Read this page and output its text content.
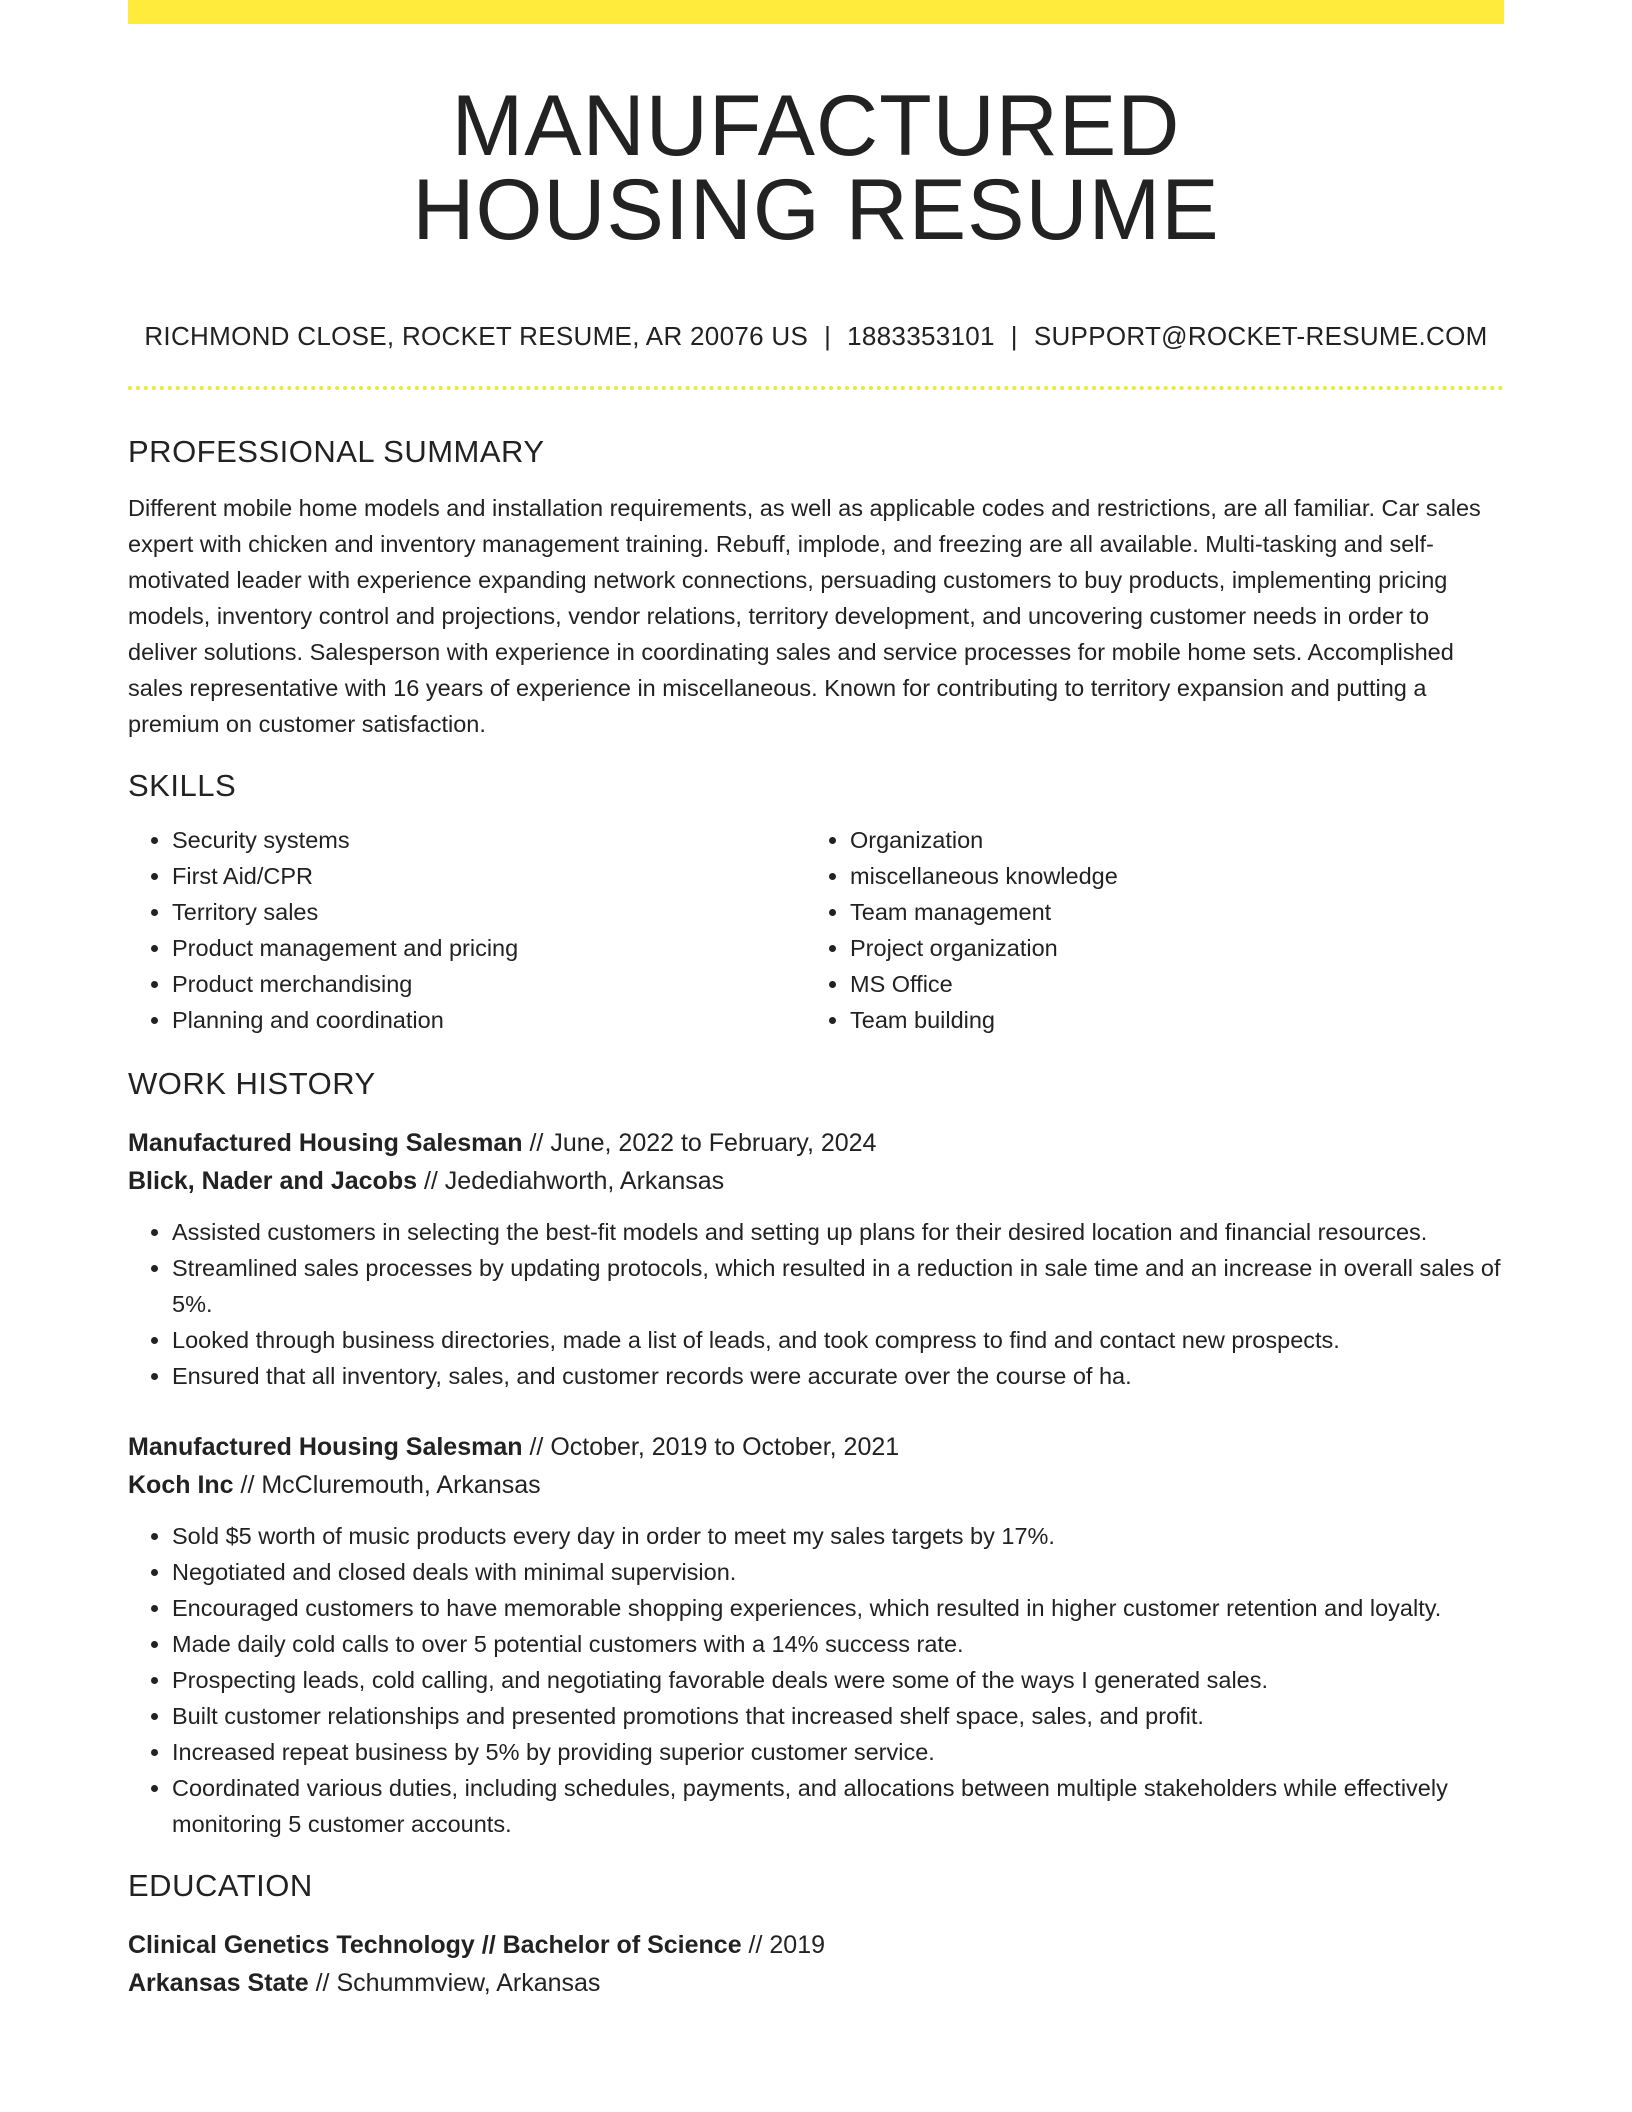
MANUFACTURED
HOUSING RESUME
RICHMOND CLOSE, ROCKET RESUME, AR 20076 US | 1883353101 | SUPPORT@ROCKET-RESUME.COM
PROFESSIONAL SUMMARY

Different mobile home models and installation requirements, as well as applicable codes and restrictions, are all familiar. Car sales expert with chicken and inventory management training. Rebuff, implode, and freezing are all available. Multi-tasking and self-motivated leader with experience expanding network connections, persuading customers to buy products, implementing pricing models, inventory control and projections, vendor relations, territory development, and uncovering customer needs in order to deliver solutions. Salesperson with experience in coordinating sales and service processes for mobile home sets. Accomplished sales representative with 16 years of experience in miscellaneous. Known for contributing to territory expansion and putting a premium on customer satisfaction.

SKILLS
• Security systems
• First Aid/CPR
• Territory sales
• Product management and pricing
• Product merchandising
• Planning and coordination
• Organization
• miscellaneous knowledge
• Team management
• Project organization
• MS Office
• Team building
WORK HISTORY
Manufactured Housing Salesman // June, 2022 to February, 2024
Blick, Nader and Jacobs // Jedediahworth, Arkansas
• Assisted customers in selecting the best-fit models and setting up plans for their desired location and financial resources.
• Streamlined sales processes by updating protocols, which resulted in a reduction in sale time and an increase in overall sales of 5%.
• Looked through business directories, made a list of leads, and took compress to find and contact new prospects.
• Ensured that all inventory, sales, and customer records were accurate over the course of ha.
Manufactured Housing Salesman // October, 2019 to October, 2021
Koch Inc // McCluremouth, Arkansas
• Sold $5 worth of music products every day in order to meet my sales targets by 17%.
• Negotiated and closed deals with minimal supervision.
• Encouraged customers to have memorable shopping experiences, which resulted in higher customer retention and loyalty.
• Made daily cold calls to over 5 potential customers with a 14% success rate.
• Prospecting leads, cold calling, and negotiating favorable deals were some of the ways I generated sales.
• Built customer relationships and presented promotions that increased shelf space, sales, and profit.
• Increased repeat business by 5% by providing superior customer service.
• Coordinated various duties, including schedules, payments, and allocations between multiple stakeholders while effectively monitoring 5 customer accounts.
EDUCATION
Clinical Genetics Technology // Bachelor of Science // 2019
Arkansas State // Schummview, Arkansas
